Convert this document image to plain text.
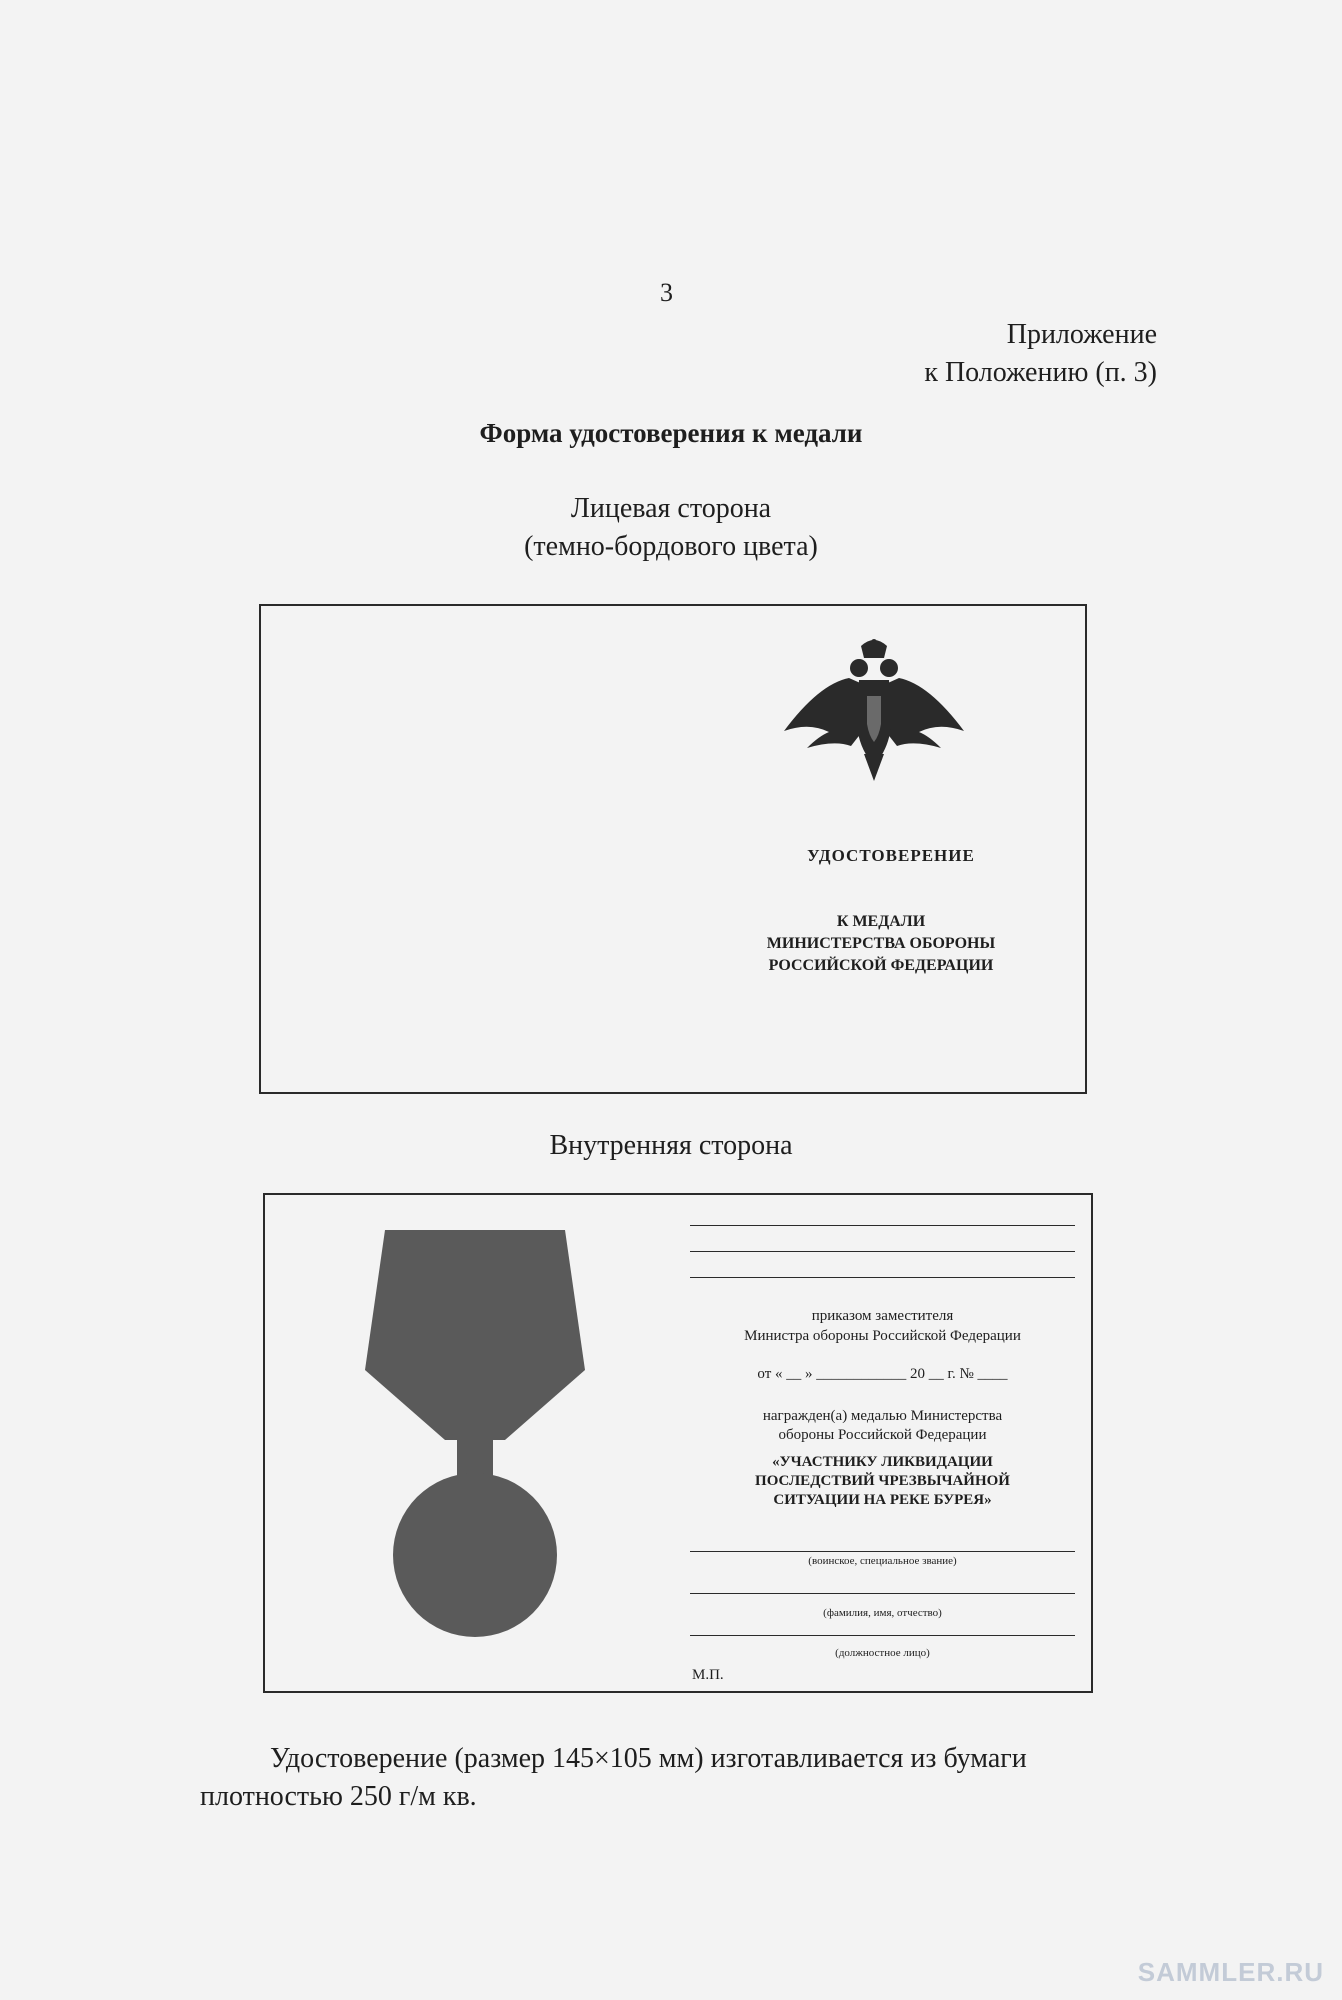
3
Приложение
к Положению (п. 3)
Форма удостоверения к медали
Лицевая сторона
(темно-бордового цвета)
УДОСТОВЕРЕНИЕ
К МЕДАЛИ
МИНИСТЕРСТВА ОБОРОНЫ
РОССИЙСКОЙ ФЕДЕРАЦИИ
Внутренняя сторона
приказом заместителя
Министра обороны Российской Федерации
от « __ » ____________ 20 __ г. № ____
награжден(а) медалью Министерства
обороны Российской Федерации
«УЧАСТНИКУ ЛИКВИДАЦИИ
ПОСЛЕДСТВИЙ ЧРЕЗВЫЧАЙНОЙ
СИТУАЦИИ НА РЕКЕ БУРЕЯ»
(воинское, специальное звание)
(фамилия, имя, отчество)
(должностное лицо)
М.П.
Удостоверение (размер 145×105 мм) изготавливается из бумаги плотностью 250 г/м кв.
SAMMLER.RU
